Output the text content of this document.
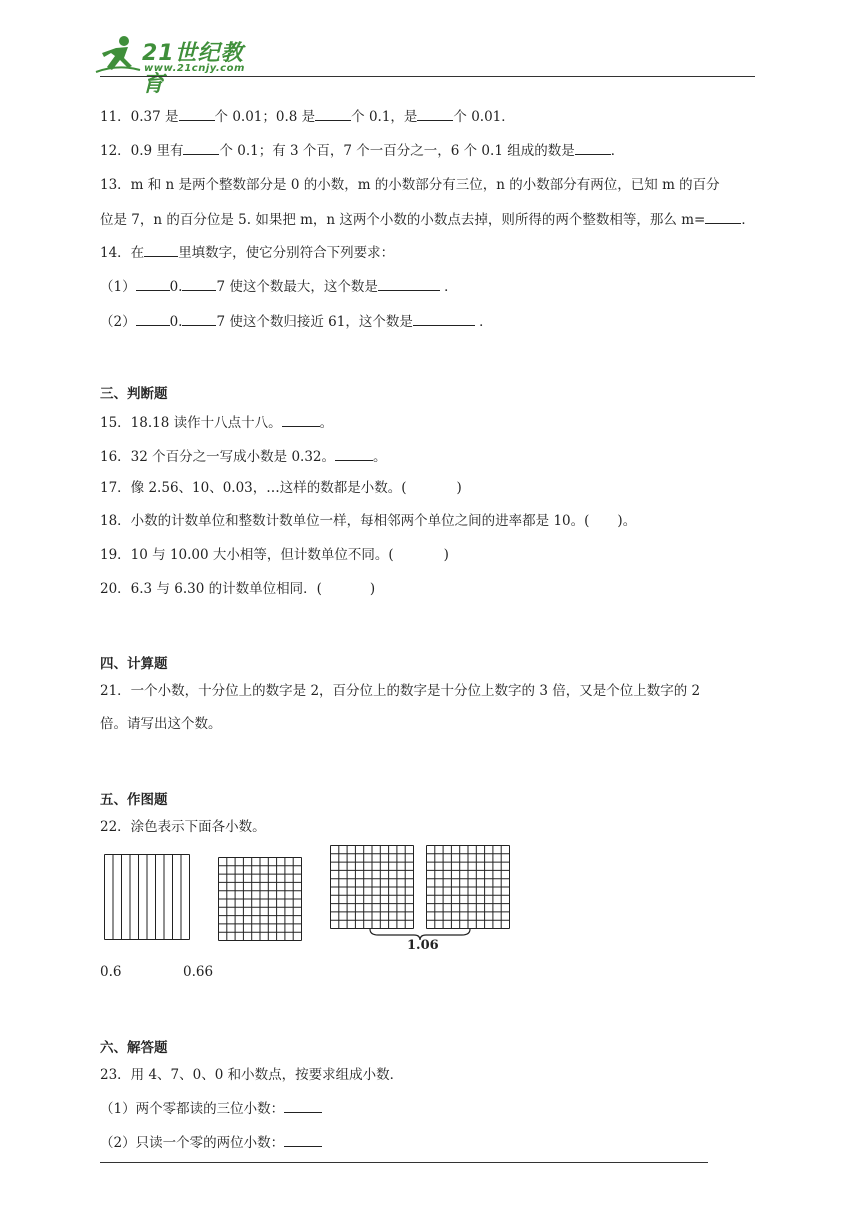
21世纪教育
www.21cnjy.com
11．0.37 是	个 0.01；0.8 是	个 0.1，是	个 0.01．
12．0.9 里有	个 0.1；有 3 个百，7 个一百分之一，6 个 0.1 组成的数是	．
13．m 和 n 是两个整数部分是 0 的小数，m 的小数部分有三位，n 的小数部分有两位，已知 m 的百分
位是 7，n 的百分位是 5. 如果把 m，n 这两个小数的小数点去掉，则所得的两个整数相等，那么 m=	．
14．在	里填数字，使它分别符合下列要求：
（1）	0.	7 使这个数最大，这个数是	．
（2）	0.	7 使这个数归接近 61，这个数是	．
三、判断题
15．18.18 读作十八点十八。	。
16．32 个百分之一写成小数是 0.32。	。
17．像 2.56、10、0.03，…这样的数都是小数。(	)
18．小数的计数单位和整数计数单位一样，每相邻两个单位之间的进率都是 10。( )。
19．10 与 10.00 大小相等，但计数单位不同。(	)
20．6.3 与 6.30 的计数单位相同．(	)
四、计算题
21．一个小数，十分位上的数字是 2，百分位上的数字是十分位上数字的 3 倍，又是个位上数字的 2
倍。请写出这个数。
五、作图题
22．涂色表示下面各小数。
1.06
0.6	0.66
六、解答题
23．用 4、7、0、0 和小数点，按要求组成小数．
（1）两个零都读的三位小数：
（2）只读一个零的两位小数：
